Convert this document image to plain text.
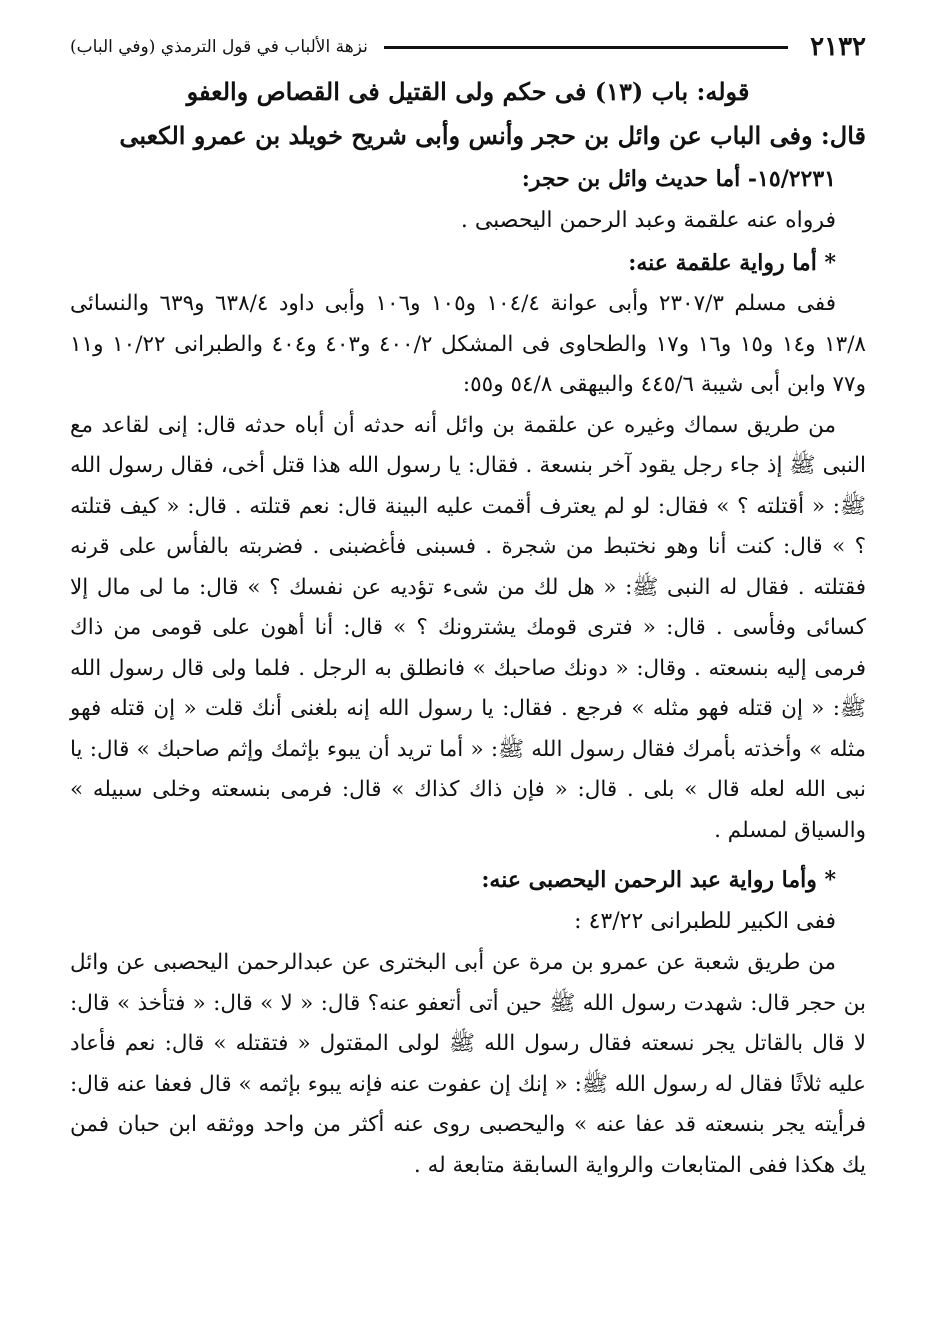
٢١٣٢
نزهة الألباب في قول الترمذي (وفي الباب)
قوله: باب (١٣) فى حكم ولى القتيل فى القصاص والعفو
قال: وفى الباب عن وائل بن حجر وأنس وأبى شريح خويلد بن عمرو الكعبى
١٥/٢٢٣١- أما حديث وائل بن حجر:
فرواه عنه علقمة وعبد الرحمن اليحصبى .
* أما رواية علقمة عنه:
ففى مسلم ٢٣٠٧/٣ وأبى عوانة ١٠٤/٤ و١٠٥ و١٠٦ وأبى داود ٦٣٨/٤ و٦٣٩ والنسائى ١٣/٨ و١٤ و١٥ و١٦ و١٧ والطحاوى فى المشكل ٤٠٠/٢ و٤٠٣ و٤٠٤ والطبرانى ١٠/٢٢ و١١ و٧٧ وابن أبى شيبة ٤٤٥/٦ والبيهقى ٥٤/٨ و٥٥:
من طريق سماك وغيره عن علقمة بن وائل أنه حدثه أن أباه حدثه قال: إنى لقاعد مع النبى ﷺ إذ جاء رجل يقود آخر بنسعة . فقال: يا رسول الله هذا قتل أخى، فقال رسول الله ﷺ: « أقتلته ؟ » فقال: لو لم يعترف أقمت عليه البينة قال: نعم قتلته . قال: « كيف قتلته ؟ » قال: كنت أنا وهو نختبط من شجرة . فسبنى فأغضبنى . فضربته بالفأس على قرنه فقتلته . فقال له النبى ﷺ: « هل لك من شىء تؤديه عن نفسك ؟ » قال: ما لى مال إلا كسائى وفأسى . قال: « فترى قومك يشترونك ؟ » قال: أنا أهون على قومى من ذاك فرمى إليه بنسعته . وقال: « دونك صاحبك » فانطلق به الرجل . فلما ولى قال رسول الله ﷺ: « إن قتله فهو مثله » فرجع . فقال: يا رسول الله إنه بلغنى أنك قلت « إن قتله فهو مثله » وأخذته بأمرك فقال رسول الله ﷺ: « أما تريد أن يبوء بإثمك وإثم صاحبك » قال: يا نبى الله لعله قال » بلى . قال: « فإن ذاك كذاك » قال: فرمى بنسعته وخلى سبيله » والسياق لمسلم .
* وأما رواية عبد الرحمن اليحصبى عنه:
ففى الكبير للطبرانى ٤٣/٢٢ :
من طريق شعبة عن عمرو بن مرة عن أبى البخترى عن عبدالرحمن اليحصبى عن وائل بن حجر قال: شهدت رسول الله ﷺ حين أتى أتعفو عنه؟ قال: « لا » قال: « فتأخذ » قال: لا قال بالقاتل يجر نسعته فقال رسول الله ﷺ لولى المقتول « فتقتله » قال: نعم فأعاد عليه ثلاثًا فقال له رسول الله ﷺ: « إنك إن عفوت عنه فإنه يبوء بإثمه » قال فعفا عنه قال: فرأيته يجر بنسعته قد عفا عنه » واليحصبى روى عنه أكثر من واحد ووثقه ابن حبان فمن يك هكذا ففى المتابعات والرواية السابقة متابعة له .
